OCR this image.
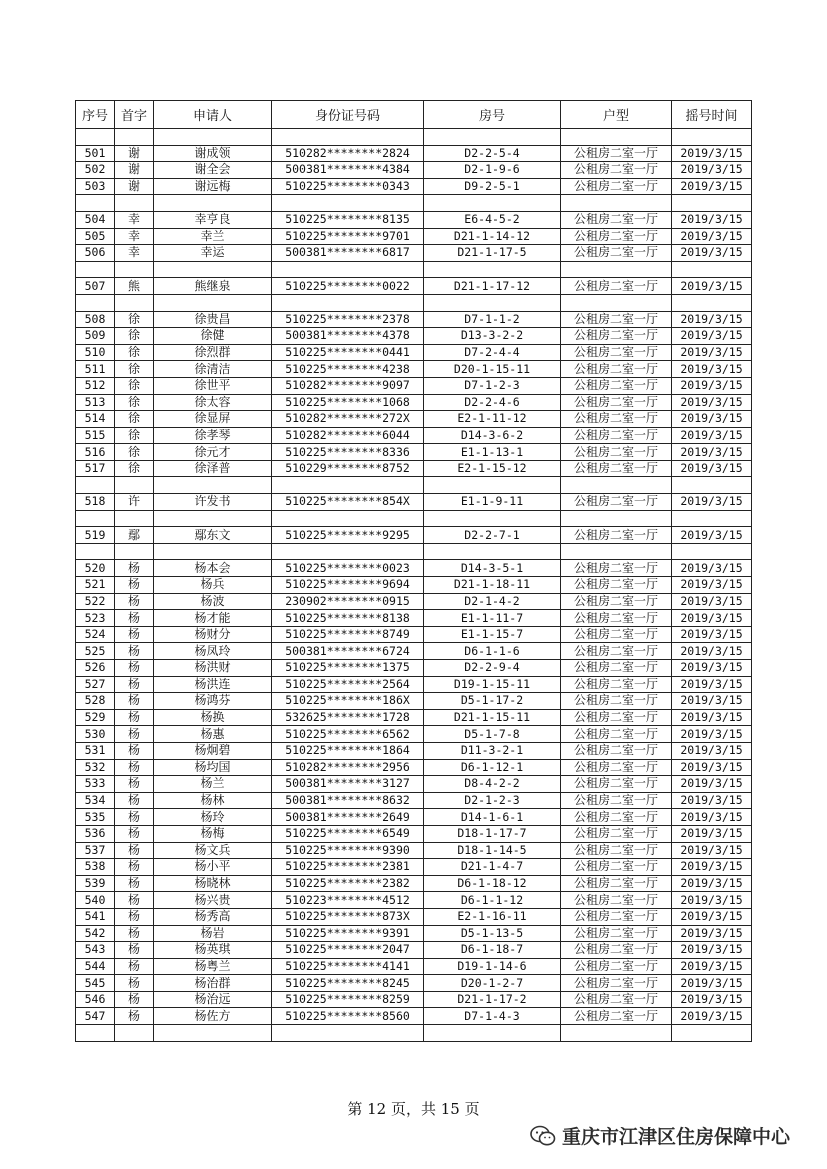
序号	首字	申请人	身份证号码	房号	户型	摇号时间

501	谢	谢成领	510282********2824	D2-2-5-4	公租房二室一厅	2019/3/15
502	谢	谢全会	500381********4384	D2-1-9-6	公租房二室一厅	2019/3/15
503	谢	谢远梅	510225********0343	D9-2-5-1	公租房二室一厅	2019/3/15

504	幸	幸亨良	510225********8135	E6-4-5-2	公租房二室一厅	2019/3/15
505	幸	幸兰	510225********9701	D21-1-14-12	公租房二室一厅	2019/3/15
506	幸	幸运	500381********6817	D21-1-17-5	公租房二室一厅	2019/3/15

507	熊	熊继泉	510225********0022	D21-1-17-12	公租房二室一厅	2019/3/15

508	徐	徐贵昌	510225********2378	D7-1-1-2	公租房二室一厅	2019/3/15
509	徐	徐健	500381********4378	D13-3-2-2	公租房二室一厅	2019/3/15
510	徐	徐烈群	510225********0441	D7-2-4-4	公租房二室一厅	2019/3/15
511	徐	徐清洁	510225********4238	D20-1-15-11	公租房二室一厅	2019/3/15
512	徐	徐世平	510282********9097	D7-1-2-3	公租房二室一厅	2019/3/15
513	徐	徐太容	510225********1068	D2-2-4-6	公租房二室一厅	2019/3/15
514	徐	徐显屏	510282********272X	E2-1-11-12	公租房二室一厅	2019/3/15
515	徐	徐孝琴	510282********6044	D14-3-6-2	公租房二室一厅	2019/3/15
516	徐	徐元才	510225********8336	E1-1-13-1	公租房二室一厅	2019/3/15
517	徐	徐泽普	510229********8752	E2-1-15-12	公租房二室一厅	2019/3/15

518	许	许发书	510225********854X	E1-1-9-11	公租房二室一厅	2019/3/15

519	鄢	鄢东文	510225********9295	D2-2-7-1	公租房二室一厅	2019/3/15

520	杨	杨本会	510225********0023	D14-3-5-1	公租房二室一厅	2019/3/15
521	杨	杨兵	510225********9694	D21-1-18-11	公租房二室一厅	2019/3/15
522	杨	杨波	230902********0915	D2-1-4-2	公租房二室一厅	2019/3/15
523	杨	杨才能	510225********8138	E1-1-11-7	公租房二室一厅	2019/3/15
524	杨	杨财分	510225********8749	E1-1-15-7	公租房二室一厅	2019/3/15
525	杨	杨凤玲	500381********6724	D6-1-1-6	公租房二室一厅	2019/3/15
526	杨	杨洪财	510225********1375	D2-2-9-4	公租房二室一厅	2019/3/15
527	杨	杨洪连	510225********2564	D19-1-15-11	公租房二室一厅	2019/3/15
528	杨	杨鸿芬	510225********186X	D5-1-17-2	公租房二室一厅	2019/3/15
529	杨	杨换	532625********1728	D21-1-15-11	公租房二室一厅	2019/3/15
530	杨	杨惠	510225********6562	D5-1-7-8	公租房二室一厅	2019/3/15
531	杨	杨炯碧	510225********1864	D11-3-2-1	公租房二室一厅	2019/3/15
532	杨	杨均国	510282********2956	D6-1-12-1	公租房二室一厅	2019/3/15
533	杨	杨兰	500381********3127	D8-4-2-2	公租房二室一厅	2019/3/15
534	杨	杨林	500381********8632	D2-1-2-3	公租房二室一厅	2019/3/15
535	杨	杨玲	500381********2649	D14-1-6-1	公租房二室一厅	2019/3/15
536	杨	杨梅	510225********6549	D18-1-17-7	公租房二室一厅	2019/3/15
537	杨	杨文兵	510225********9390	D18-1-14-5	公租房二室一厅	2019/3/15
538	杨	杨小平	510225********2381	D21-1-4-7	公租房二室一厅	2019/3/15
539	杨	杨晓林	510225********2382	D6-1-18-12	公租房二室一厅	2019/3/15
540	杨	杨兴贵	510223********4512	D6-1-1-12	公租房二室一厅	2019/3/15
541	杨	杨秀高	510225********873X	E2-1-16-11	公租房二室一厅	2019/3/15
542	杨	杨岩	510225********9391	D5-1-13-5	公租房二室一厅	2019/3/15
543	杨	杨英琪	510225********2047	D6-1-18-7	公租房二室一厅	2019/3/15
544	杨	杨粤兰	510225********4141	D19-1-14-6	公租房二室一厅	2019/3/15
545	杨	杨治群	510225********8245	D20-1-2-7	公租房二室一厅	2019/3/15
546	杨	杨治远	510225********8259	D21-1-17-2	公租房二室一厅	2019/3/15
547	杨	杨佐方	510225********8560	D7-1-4-3	公租房二室一厅	2019/3/15

第 12 页，共 15 页
重庆市江津区住房保障中心
